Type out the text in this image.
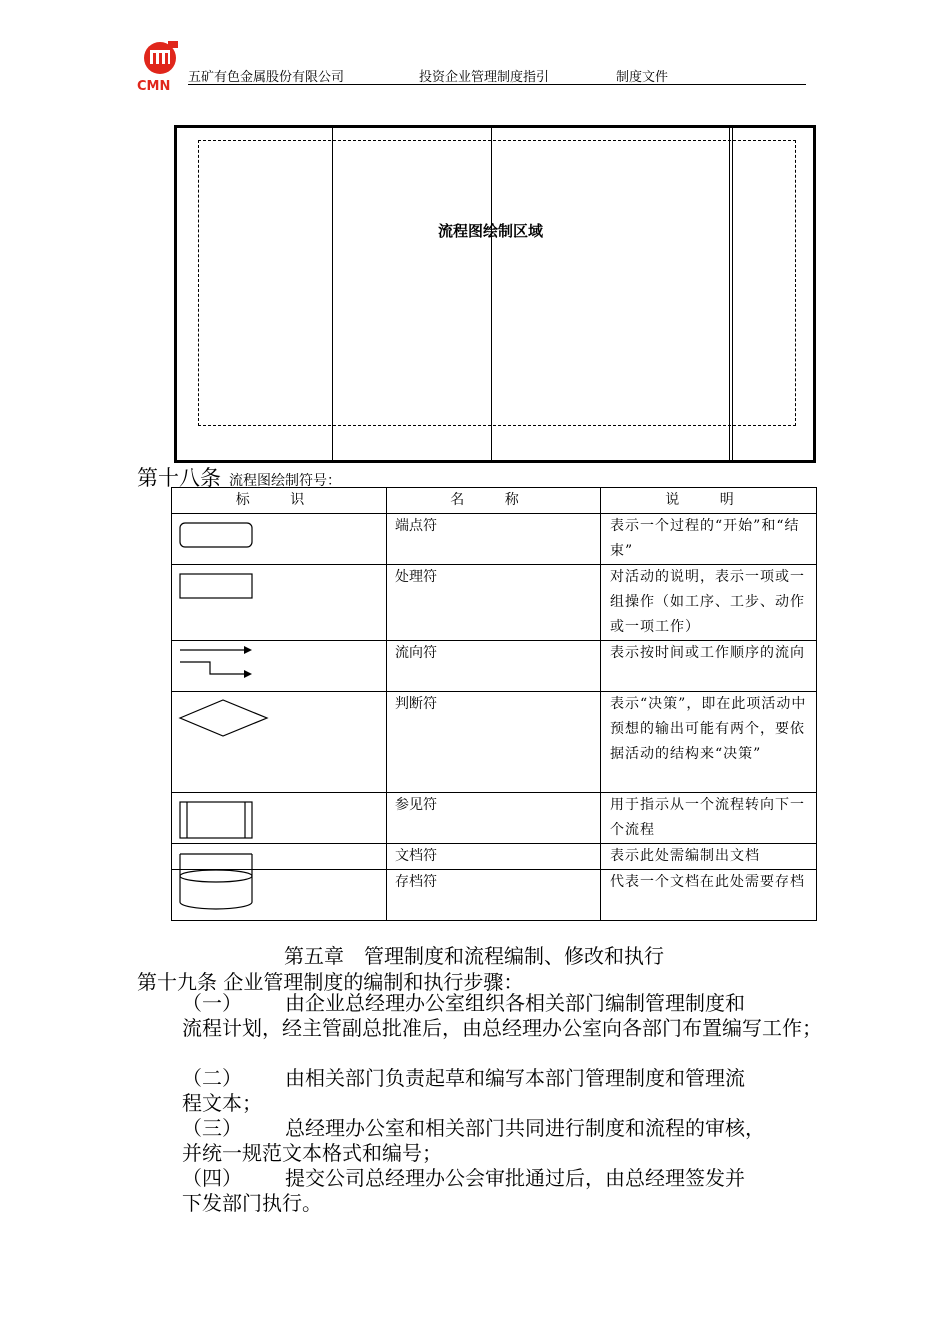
CMN
五矿有色金属股份有限公司	投资企业管理制度指引	制度文件
流程图绘制区域
第十八条 流程图绘制符号：
标 识	名 称	说 明

	端点符	表示一个过程的“开始”和“结束”

	处理符	对活动的说明，表示一项或一组操作（如工序、工步、动作或一项工作）

	流向符	表示按时间或工作顺序的流向

	判断符	表示“决策”，即在此项活动中预想的输出可能有两个，要依据活动的结构来“决策”

	参见符	用于指示从一个流程转向下一个流程

	文档符	表示此处需编制出文档

	存档符	代表一个文档在此处需要存档
第五章　管理制度和流程编制、修改和执行
第十九条 企业管理制度的编制和执行步骤：
（一） 由企业总经理办公室组织各相关部门编制管理制度和
流程计划，经主管副总批准后，由总经理办公室向各部门布置编写工作；
（二） 由相关部门负责起草和编写本部门管理制度和管理流
程文本；
（三） 总经理办公室和相关部门共同进行制度和流程的审核，
并统一规范文本格式和编号；
（四） 提交公司总经理办公会审批通过后，由总经理签发并
下发部门执行。
